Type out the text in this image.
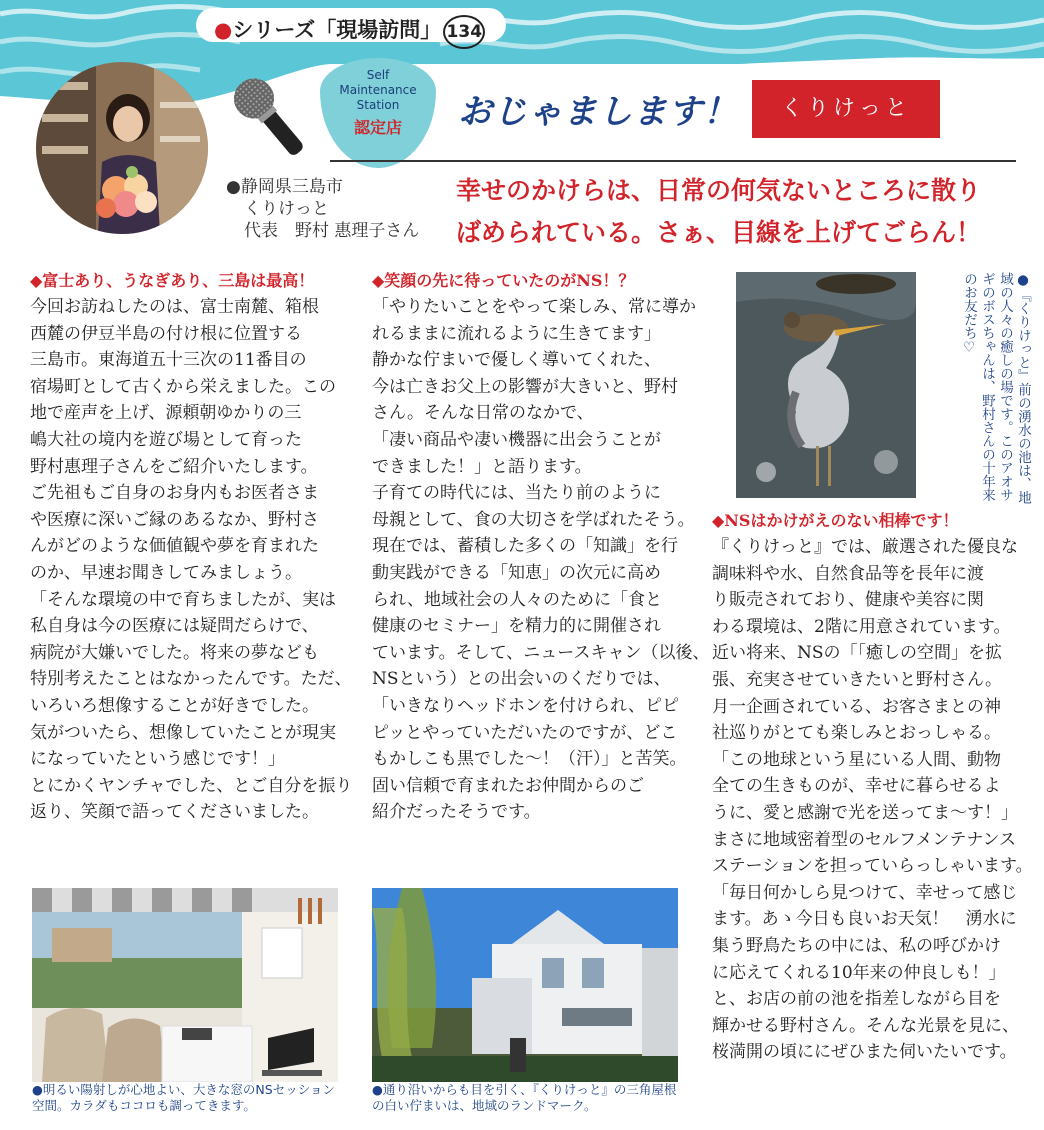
●シリーズ「現場訪問」 134
Self
Maintenance
Station
認定店	おじゃまします！	くりけっと
●静岡県三島市
くりけっと
代表　野村 惠理子さん
幸せのかけらは、日常の何気ないところに散り
ばめられている。さぁ、目線を上げてごらん！

◆富士あり、うなぎあり、三島は最高！

今回お訪ねしたのは、富士南麓、箱根

西麓の伊豆半島の付け根に位置する

三島市。東海道五十三次の11番目の

宿場町として古くから栄えました。この

地で産声を上げ、源頼朝ゆかりの三

嶋大社の境内を遊び場として育った

野村惠理子さんをご紹介いたします。

ご先祖もご自身のお身内もお医者さま

や医療に深いご縁のあるなか、野村さ

んがどのような価値観や夢を育まれた

のか、早速お聞きしてみましょう。

「そんな環境の中で育ちましたが、実は

私自身は今の医療には疑問だらけで、

病院が大嫌いでした。将来の夢なども

特別考えたことはなかったんです。ただ、

いろいろ想像することが好きでした。

気がついたら、想像していたことが現実

になっていたという感じです！」

とにかくヤンチャでした、とご自分を振り

返り、笑顔で語ってくださいました。

●明るい陽射しが心地よい、大きな窓のNSセッション空間。カラダもココロも調ってきます。

◆笑顔の先に待っていたのがNS！？

「やりたいことをやって楽しみ、常に導か

れるままに流れるように生きてます」

静かな佇まいで優しく導いてくれた、

今は亡きお父上の影響が大きいと、野村

さん。そんな日常のなかで、

「凄い商品や凄い機器に出会うことが

できました！」と語ります。

子育ての時代には、当たり前のように

母親として、食の大切さを学ばれたそう。

現在では、蓄積した多くの「知識」を行

動実践ができる「知恵」の次元に高め

られ、地域社会の人々のために「食と

健康のセミナー」を精力的に開催され

ています。そして、ニュースキャン（以後、

NSという）との出会いのくだりでは、

「いきなりヘッドホンを付けられ、ピピ

ピッとやっていただいたのですが、どこ

もかしこも黒でした〜！（汗）」と苦笑。

固い信頼で育まれたお仲間からのご

紹介だったそうです。

●通り沿いからも目を引く、『くりけっと』の三角屋根の白い佇まいは、地域のランドマーク。
●『くりけっと』前の湧水の池は、地域の人々の癒しの場です。このアオサギのボスちゃんは、野村さんの十年来のお友だち♡

◆NSはかけがえのない相棒です！

『くりけっと』では、厳選された優良な

調味料や水、自然食品等を長年に渡

り販売されており、健康や美容に関

わる環境は、2階に用意されています。

近い将来、NSの「「癒しの空間」を拡

張、充実させていきたいと野村さん。

月一企画されている、お客さまとの神

社巡りがとても楽しみとおっしゃる。

「この地球という星にいる人間、動物

全ての生きものが、幸せに暮らせるよ

うに、愛と感謝で光を送ってま〜す！」

まさに地域密着型のセルフメンテナンス

ステーションを担っていらっしゃいます。

「毎日何かしら見つけて、幸せって感じ

ます。あゝ今日も良いお天気！　湧水に

集う野鳥たちの中には、私の呼びかけ

に応えてくれる10年来の仲良しも！」

と、お店の前の池を指差しながら目を

輝かせる野村さん。そんな光景を見に、

桜満開の頃ににぜひまた伺いたいです。
